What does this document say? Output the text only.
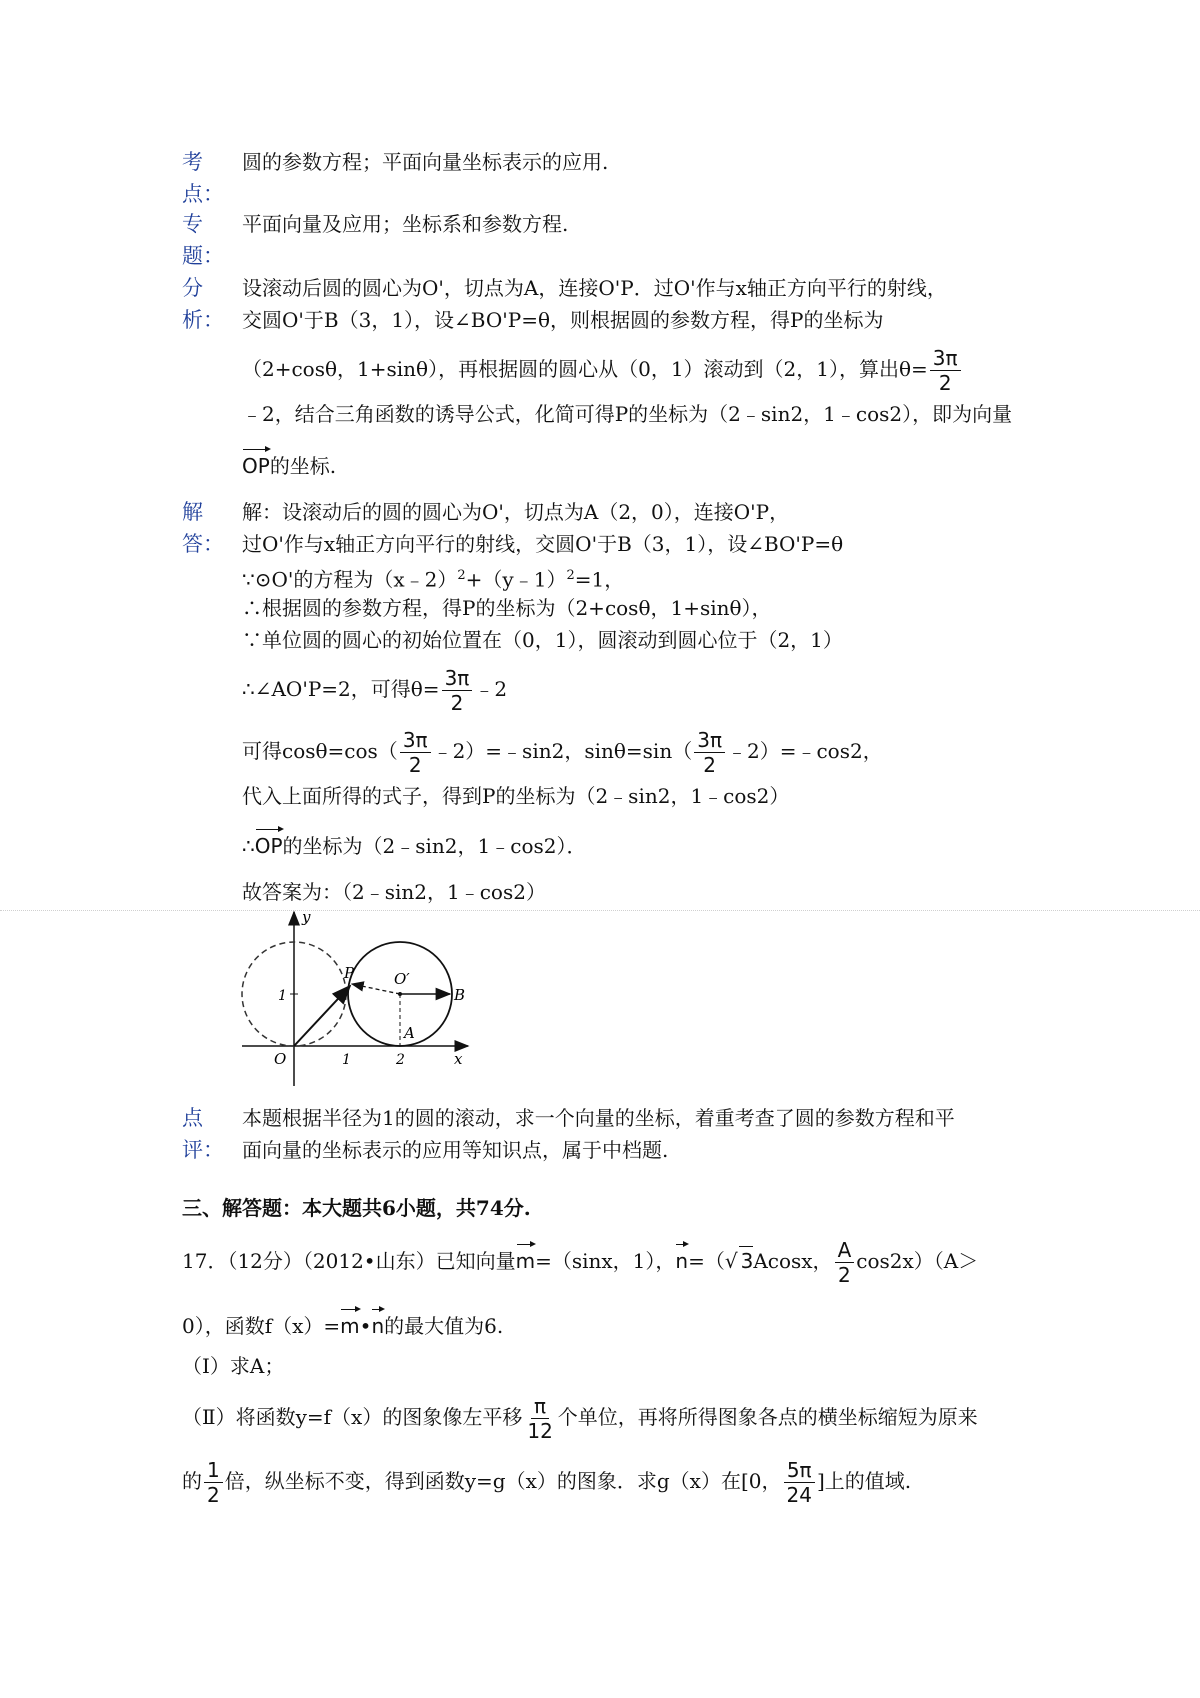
考
点：
圆的参数方程；平面向量坐标表示的应用.
专
题：
平面向量及应用；坐标系和参数方程.
分
析：
设滚动后圆的圆心为O'，切点为A，连接O'P．过O'作与x轴正方向平行的射线，
交圆O'于B（3，1），设∠BO'P=θ，则根据圆的参数方程，得P的坐标为
（2+cosθ，1+sinθ），再根据圆的圆心从（0，1）滚动到（2，1），算出$\theta= \frac{3\pi}{2}$
﹣2，结合三角函数的诱导公式，化简可得P的坐标为（2﹣sin2，1﹣cos2），即为向量
OP的坐标.
解
答：
解：设滚动后的圆的圆心为O'，切点为A（2，0），连接O'P，
过O'作与x轴正方向平行的射线，交圆O'于B（3，1），设∠BO'P=θ
∵⊙O'的方程为（x﹣2）$^2$+（y﹣1）$^2$=1，
∴根据圆的参数方程，得P的坐标为（2+cosθ，1+sinθ），
∵单位圆的圆心的初始位置在（0，1），圆滚动到圆心位于（2，1）
∴∠AO'P=2，可得$\theta= \frac{3\pi}{2}$ ﹣2
可得$\cos\theta=\cos( \frac{3\pi}{2}$ ﹣2）=﹣sin2，$\sin\theta=\sin( \frac{3\pi}{2}$ ﹣2）=﹣cos2，
代入上面所得的式子，得到P的坐标为（2﹣sin2，1﹣cos2）
∴OP的坐标为（2﹣sin2，1﹣cos2）．
故答案为：（2﹣sin2，1﹣cos2）
y
x
O
1
1	2
P	O′
B
A
点
评：
本题根据半径为1的圆的滚动，求一个向量的坐标，着重考查了圆的参数方程和平
面向量的坐标表示的应用等知识点，属于中档题.
三、解答题：本大题共6小题，共74分.
17．（12分）（2012•山东）已知向量m=（sinx，1），n=（√ 3Acosx， $\frac{A}{2} \cos 2x)(A>$
0），函数f（x）=m•n的最大值为6.
（Ⅰ）求A；
（Ⅱ）将函数y=f（x）的图象像左平移 $\frac{\pi}{12}$ 个单位，再将所得图象各点的横坐标缩短为原来
的 $\frac{1}{2}$ 倍，纵坐标不变，得到函数y=g（x）的图象．求g（x）在[0， $\frac{5\pi}{24}$ ]上的值域.
